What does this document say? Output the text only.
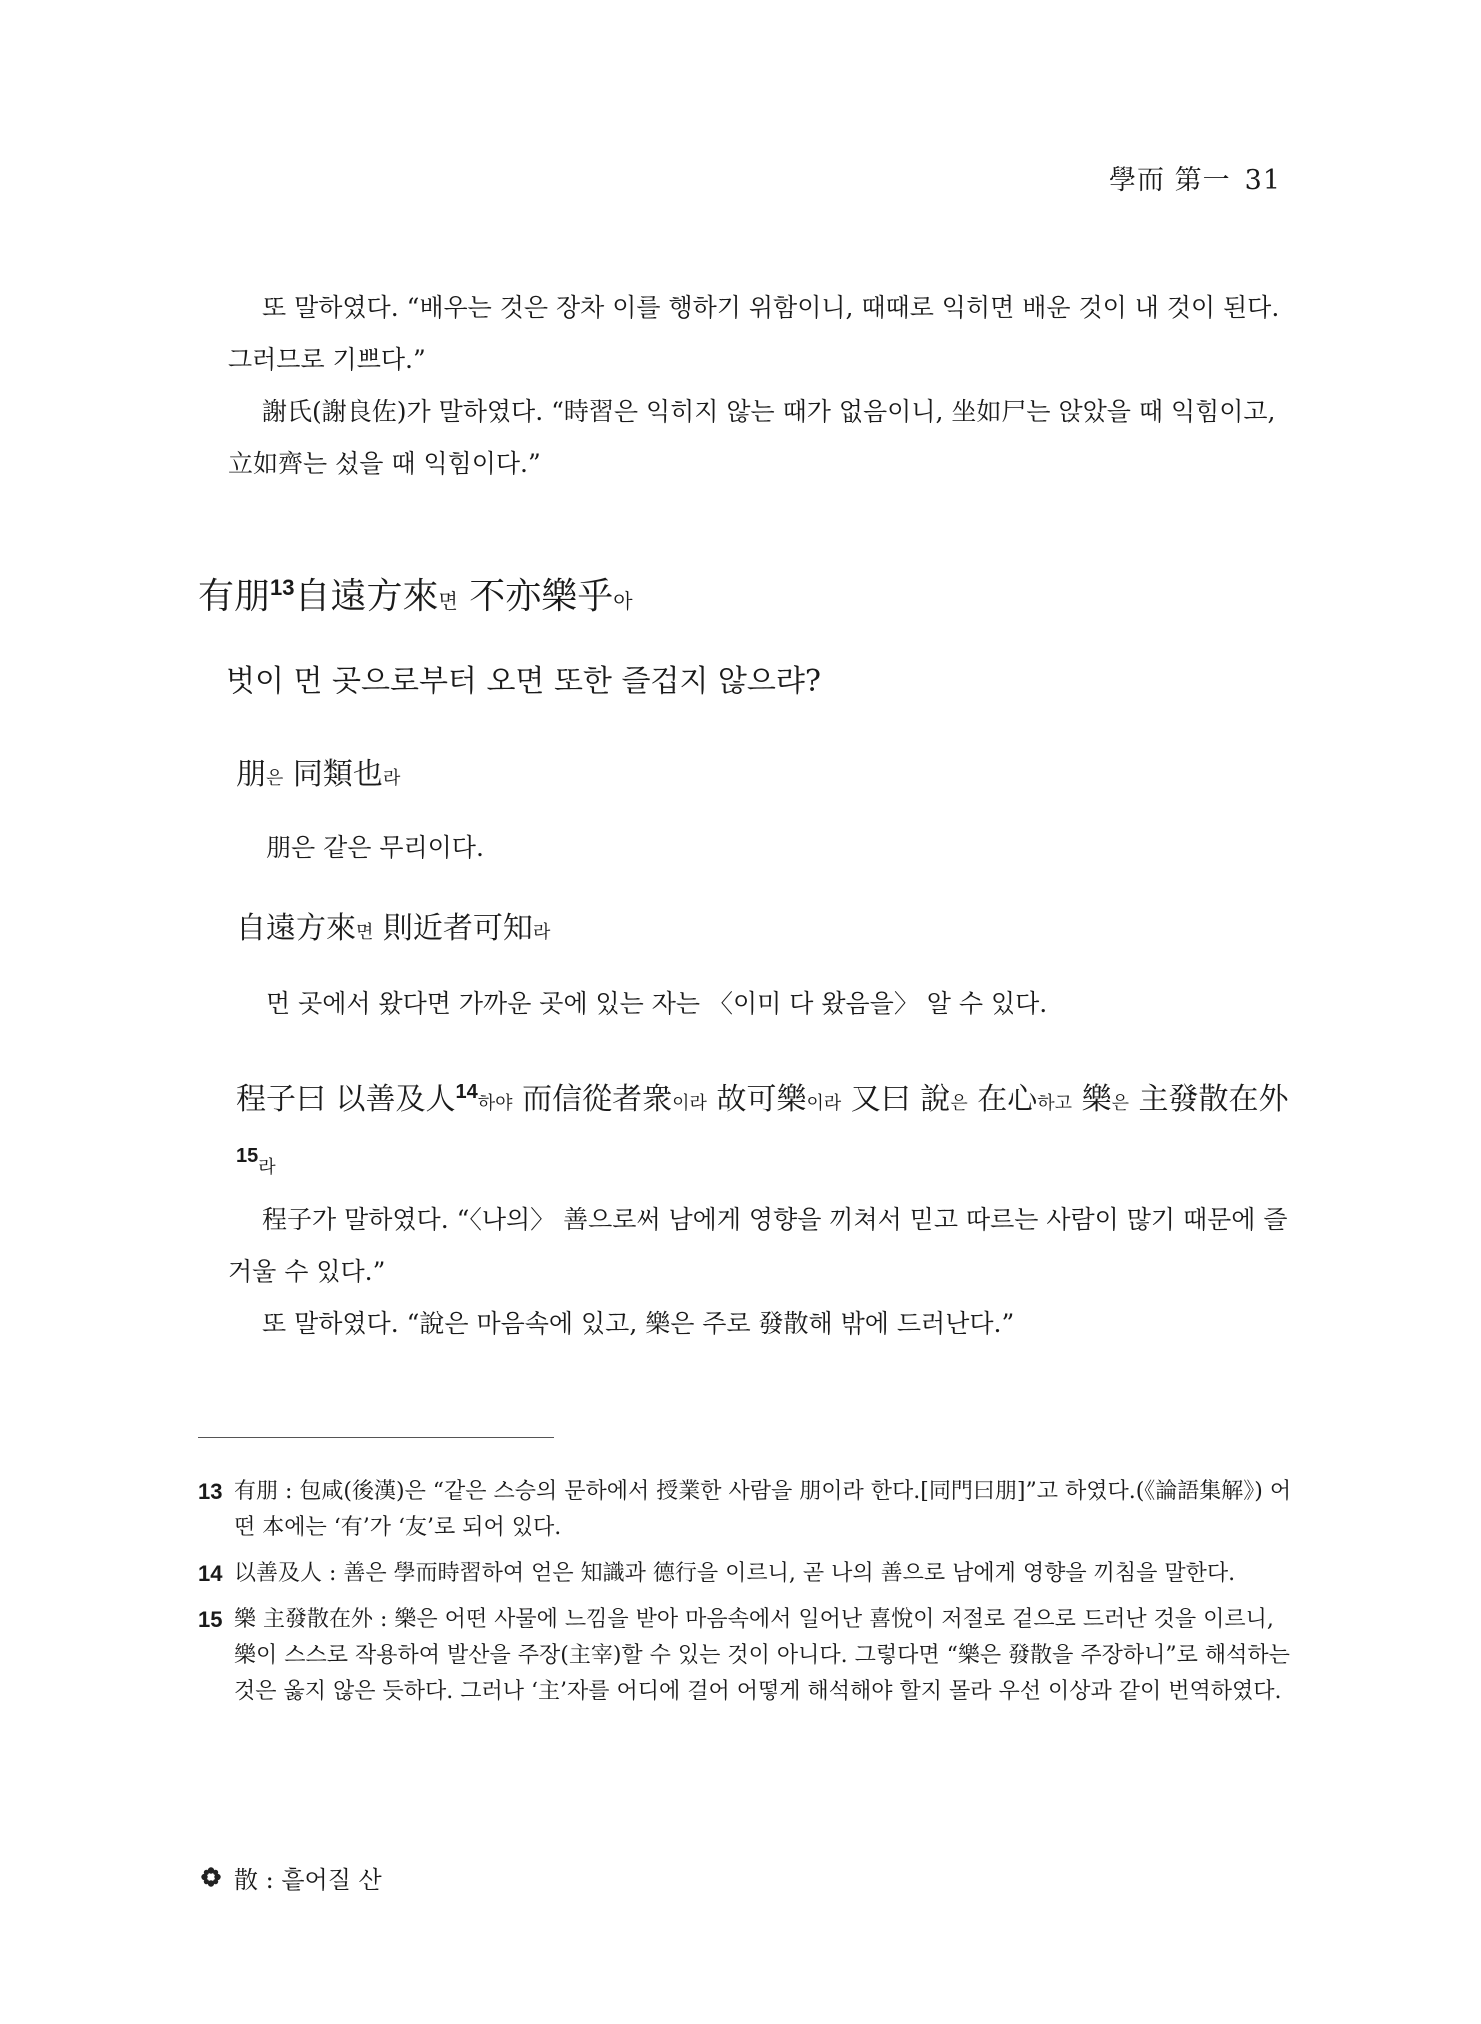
學而 第一 31

또 말하였다. “배우는 것은 장차 이를 행하기 위함이니, 때때로 익히면 배운 것이 내 것이 된다. 그러므로 기쁘다.”

謝氏(謝良佐)가 말하였다. “時習은 익히지 않는 때가 없음이니, 坐如尸는 앉았을 때 익힘이고, 立如齊는 섰을 때 익힘이다.”

有朋$^{13}$自遠方來면 不亦樂乎아
벗이 먼 곳으로부터 오면 또한 즐겁지 않으랴?
朋은 同類也라
朋은 같은 무리이다.
自遠方來면 則近者可知라
먼 곳에서 왔다면 가까운 곳에 있는 자는 〈이미 다 왔음을〉 알 수 있다.
程子曰 以善及人$^{14}$하야 而信從者衆이라 故可樂이라 又曰 說은 在心하고 樂은 主發散在外$^{15}$라

程子가 말하였다. “〈나의〉 善으로써 남에게 영향을 끼쳐서 믿고 따르는 사람이 많기 때문에 즐거울 수 있다.”

또 말하였다. “說은 마음속에 있고, 樂은 주로 發散해 밖에 드러난다.”

13 有朋 : 包咸(後漢)은 “같은 스승의 문하에서 授業한 사람을 朋이라 한다.[同門曰朋]”고 하였다.(《論語集解》) 어떤 本에는 ‘有’가 ‘友’로 되어 있다.
14 以善及人 : 善은 學而時習하여 얻은 知識과 德行을 이르니, 곧 나의 善으로 남에게 영향을 끼침을 말한다.
15 樂 主發散在外 : 樂은 어떤 사물에 느낌을 받아 마음속에서 일어난 喜悅이 저절로 겉으로 드러난 것을 이르니, 樂이 스스로 작용하여 발산을 주장(主宰)할 수 있는 것이 아니다. 그렇다면 “樂은 發散을 주장하니”로 해석하는 것은 옳지 않은 듯하다. 그러나 ‘主’자를 어디에 걸어 어떻게 해석해야 할지 몰라 우선 이상과 같이 번역하였다.
散 : 흩어질 산
